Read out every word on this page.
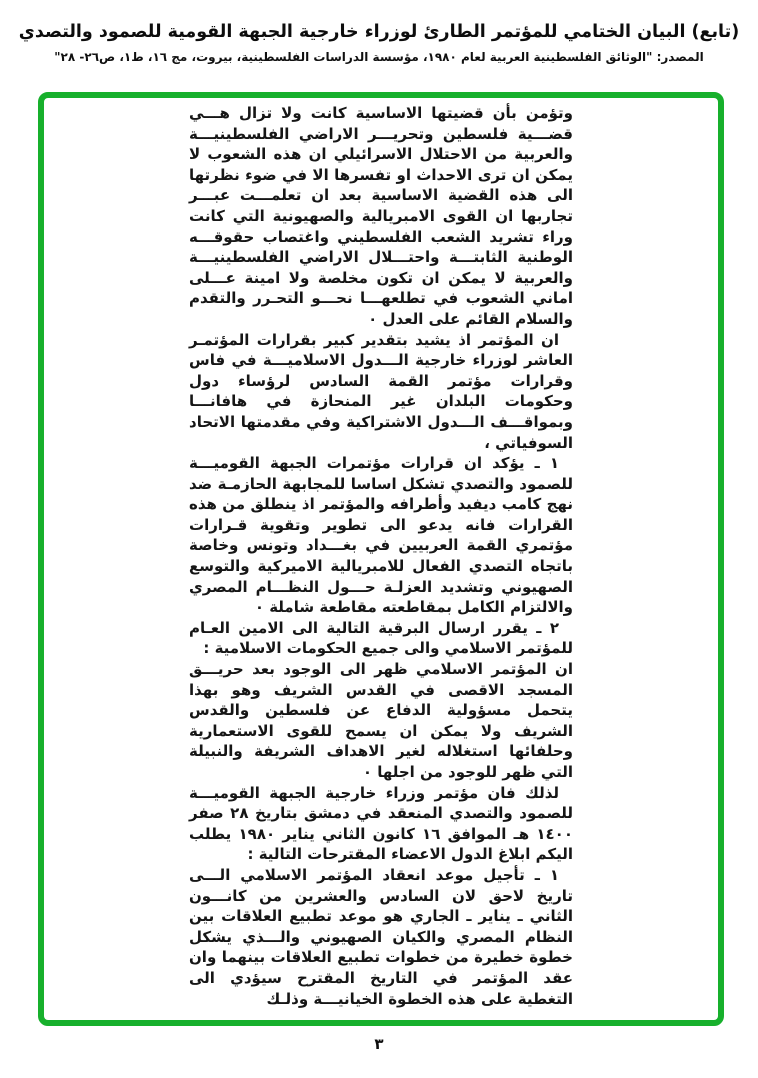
(تابع) البيان الختامي للمؤتمر الطارئ لوزراء خارجية الجبهة القومية للصمود والتصدي
المصدر: "الوثائق الفلسطينية العربية لعام ١٩٨٠، مؤسسة الدراسات الفلسطينية، بيروت، مج ١٦، ط١، ص٢٦- ٢٨"

وتؤمن بأن قضيتها الاساسية كانت ولا تزال هـــي قضـــية فلسطين وتحريـــر الاراضي الفلسطينيـــة والعربية من الاحتلال الاسرائيلي ان هذه الشعوب لا يمكن ان ترى الاحداث او تفسرها الا في ضوء نظرتها الى هذه القضية الاساسية بعد ان تعلمـــت عبـــر تجاربها ان القوى الامبريالية والصهيونية التي كانت وراء تشريد الشعب الفلسطيني واغتصاب حقوقـــه الوطنية الثابتـــة واحتـــلال الاراضي الفلسطينيـــة والعربية لا يمكن ان تكون مخلصة ولا امينة عـــلى اماني الشعوب في تطلعهـــا نحـــو التحـرر والتقدم والسلام القائم على العدل ٠

ان المؤتمر اذ يشيد بتقدير كبير بقرارات المؤتمـر العاشر لوزراء خارجية الـــدول الاسلاميـــة في فاس وقرارات مؤتمر القمة السادس لرؤساء دول وحكومات البلدان غير المنحازة في هافانـــا وبمواقـــف الـــدول الاشتراكية وفي مقدمتها الاتحاد السوفياتي ،

١ ـ يؤكد ان قرارات مؤتمرات الجبهة القوميـــة للصمود والتصدي تشكل اساسا للمجابهة الحازمـة ضد نهج كامب ديفيد وأطرافه والمؤتمر اذ ينطلق من هذه القرارات فانه يدعو الى تطوير وتقوية قـرارات مؤتمري القمة العربيين في بغـــداد وتونس وخاصة باتجاه التصدي الفعال للامبريالية الاميركية والتوسع الصهيوني وتشديد العزلـة حـــول النظـــام المصري والالتزام الكامل بمقاطعته مقاطعة شاملة ٠

٢ ـ يقرر ارسال البرقية التالية الى الامين العـام للمؤتمر الاسلامي والى جميع الحكومات الاسلامية :

ان المؤتمر الاسلامي ظهر الى الوجود بعد حريـــق المسجد الاقصى في القدس الشريف وهو بهذا يتحمل مسؤولية الدفاع عن فلسطين والقدس الشريف ولا يمكن ان يسمح للقوى الاستعمارية وحلفائها استغلاله لغير الاهداف الشريفة والنبيلة التي ظهر للوجود من اجلها ٠

لذلك فان مؤتمر وزراء خارجية الجبهة القوميـــة للصمود والتصدي المنعقد في دمشق بتاريخ ٢٨ صفر ١٤٠٠ هـ الموافق ١٦ كانون الثاني يناير ١٩٨٠ يطلب اليكم ابلاغ الدول الاعضاء المقترحات التالية :

١ ـ تأجيل موعد انعقاد المؤتمر الاسلامي الـــى تاريخ لاحق لان السادس والعشرين من كانـــون الثاني ـ يناير ـ الجاري هو موعد تطبيع العلاقات بين النظام المصري والكيان الصهيوني والـــذي يشكل خطوة خطيرة من خطوات تطبيع العلاقات بينهما وان عقد المؤتمر في التاريخ المقترح سيؤدي الى التغطية على هذه الخطوة الخيانيـــة وذلـك

٣
